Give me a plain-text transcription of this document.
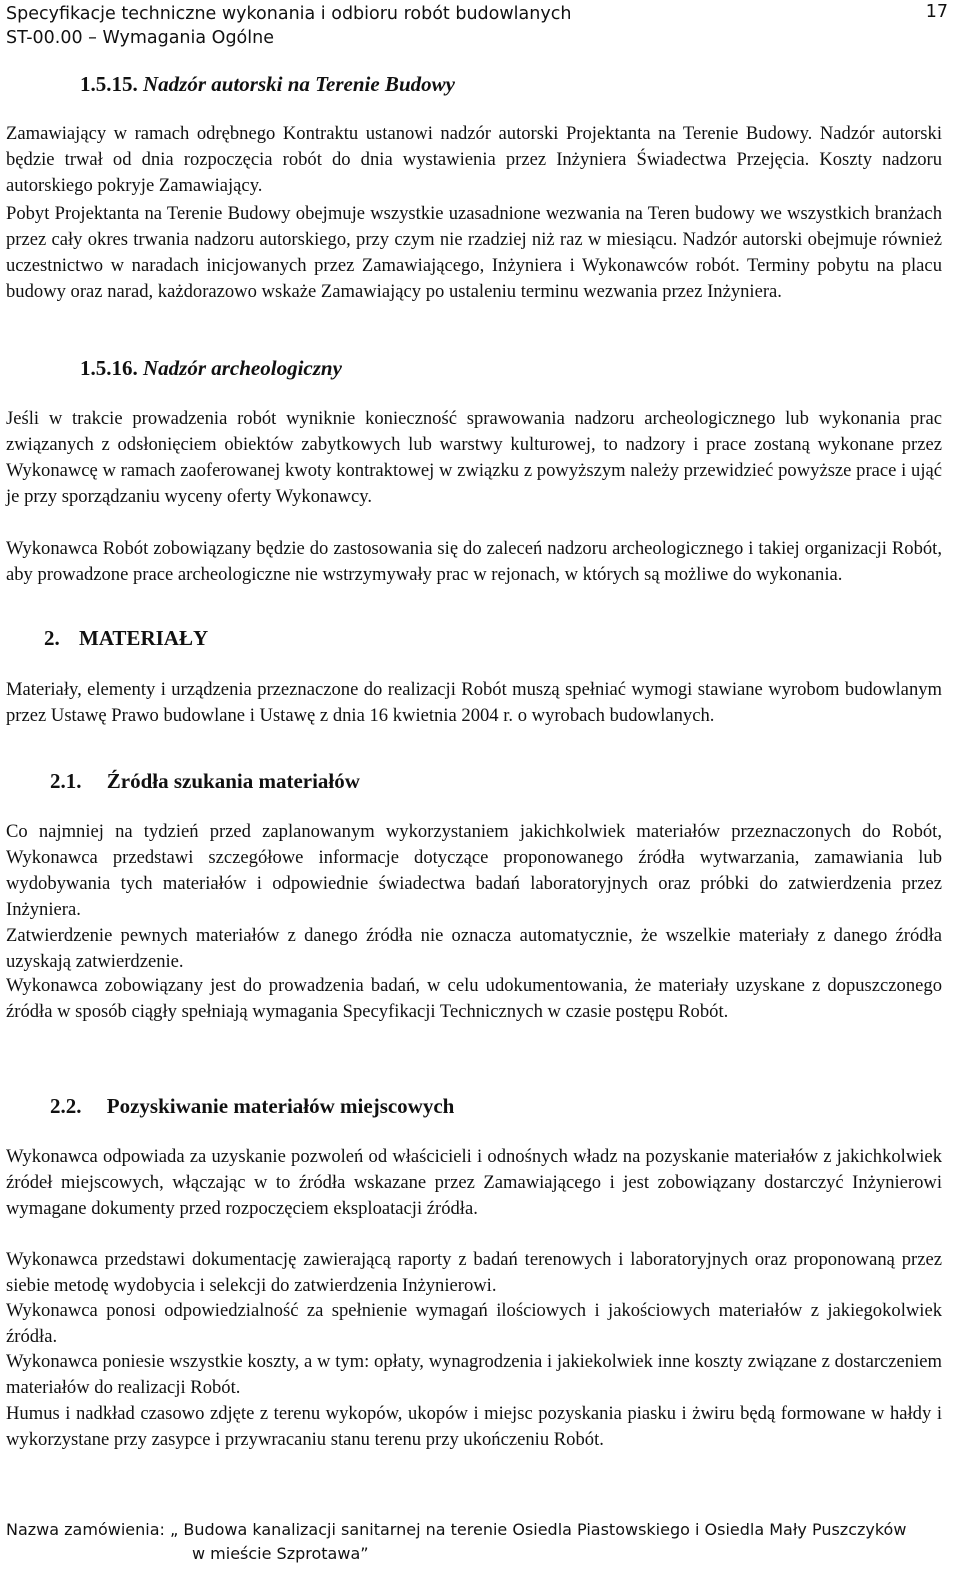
Specyfikacje techniczne wykonania i odbioru robót budowlanych
ST-00.00 – Wymagania Ogólne
17
1.5.15. Nadzór autorski na Terenie Budowy

Zamawiający w ramach odrębnego Kontraktu ustanowi nadzór autorski Projektanta na Terenie Budowy. Nadzór autorski będzie trwał od dnia rozpoczęcia robót do dnia wystawienia przez Inżyniera Świadectwa Przejęcia. Koszty nadzoru autorskiego pokryje Zamawiający.

Pobyt Projektanta na Terenie Budowy obejmuje wszystkie uzasadnione wezwania na Teren budowy we wszystkich branżach przez cały okres trwania nadzoru autorskiego, przy czym nie rzadziej niż raz w miesiącu. Nadzór autorski obejmuje również uczestnictwo w naradach inicjowanych przez Zamawiającego, Inżyniera i Wykonawców robót. Terminy pobytu na placu budowy oraz narad, każdorazowo wskaże Zamawiający po ustaleniu terminu wezwania przez Inżyniera.

1.5.16. Nadzór archeologiczny

Jeśli w trakcie prowadzenia robót wyniknie konieczność sprawowania nadzoru archeologicznego lub wykonania prac związanych z odsłonięciem obiektów zabytkowych lub warstwy kulturowej, to nadzory i prace zostaną wykonane przez Wykonawcę w ramach zaoferowanej kwoty kontraktowej w związku z powyższym należy przewidzieć powyższe prace i ująć je przy sporządzaniu wyceny oferty Wykonawcy.

Wykonawca Robót zobowiązany będzie do zastosowania się do zaleceń nadzoru archeologicznego i takiej organizacji Robót, aby prowadzone prace archeologiczne nie wstrzymywały prac w rejonach, w których są możliwe do wykonania.

2. MATERIAŁY

Materiały, elementy i urządzenia przeznaczone do realizacji Robót muszą spełniać wymogi stawiane wyrobom budowlanym przez Ustawę Prawo budowlane i Ustawę z dnia 16 kwietnia 2004 r. o wyrobach budowlanych.

2.1. Źródła szukania materiałów

Co najmniej na tydzień przed zaplanowanym wykorzystaniem jakichkolwiek materiałów przeznaczonych do Robót, Wykonawca przedstawi szczegółowe informacje dotyczące proponowanego źródła wytwarzania, zamawiania lub wydobywania tych materiałów i odpowiednie świadectwa badań laboratoryjnych oraz próbki do zatwierdzenia przez Inżyniera.

Zatwierdzenie pewnych materiałów z danego źródła nie oznacza automatycznie, że wszelkie materiały z danego źródła uzyskają zatwierdzenie.

Wykonawca zobowiązany jest do prowadzenia badań, w celu udokumentowania, że materiały uzyskane z dopuszczonego źródła w sposób ciągły spełniają wymagania Specyfikacji Technicznych w czasie postępu Robót.

2.2. Pozyskiwanie materiałów miejscowych

Wykonawca odpowiada za uzyskanie pozwoleń od właścicieli i odnośnych władz na pozyskanie materiałów z jakichkolwiek źródeł miejscowych, włączając w to źródła wskazane przez Zamawiającego i jest zobowiązany dostarczyć Inżynierowi wymagane dokumenty przed rozpoczęciem eksploatacji źródła.

Wykonawca przedstawi dokumentację zawierającą raporty z badań terenowych i laboratoryjnych oraz proponowaną przez siebie metodę wydobycia i selekcji do zatwierdzenia Inżynierowi.

Wykonawca ponosi odpowiedzialność za spełnienie wymagań ilościowych i jakościowych materiałów z jakiegokolwiek źródła.

Wykonawca poniesie wszystkie koszty, a w tym: opłaty, wynagrodzenia i jakiekolwiek inne koszty związane z dostarczeniem materiałów do realizacji Robót.

Humus i nadkład czasowo zdjęte z terenu wykopów, ukopów i miejsc pozyskania piasku i żwiru będą formowane w hałdy i wykorzystane przy zasypce i przywracaniu stanu terenu przy ukończeniu Robót.

Nazwa zamówienia: „ Budowa kanalizacji sanitarnej na terenie Osiedla Piastowskiego i Osiedla Mały Puszczyków
w mieście Szprotawa”
